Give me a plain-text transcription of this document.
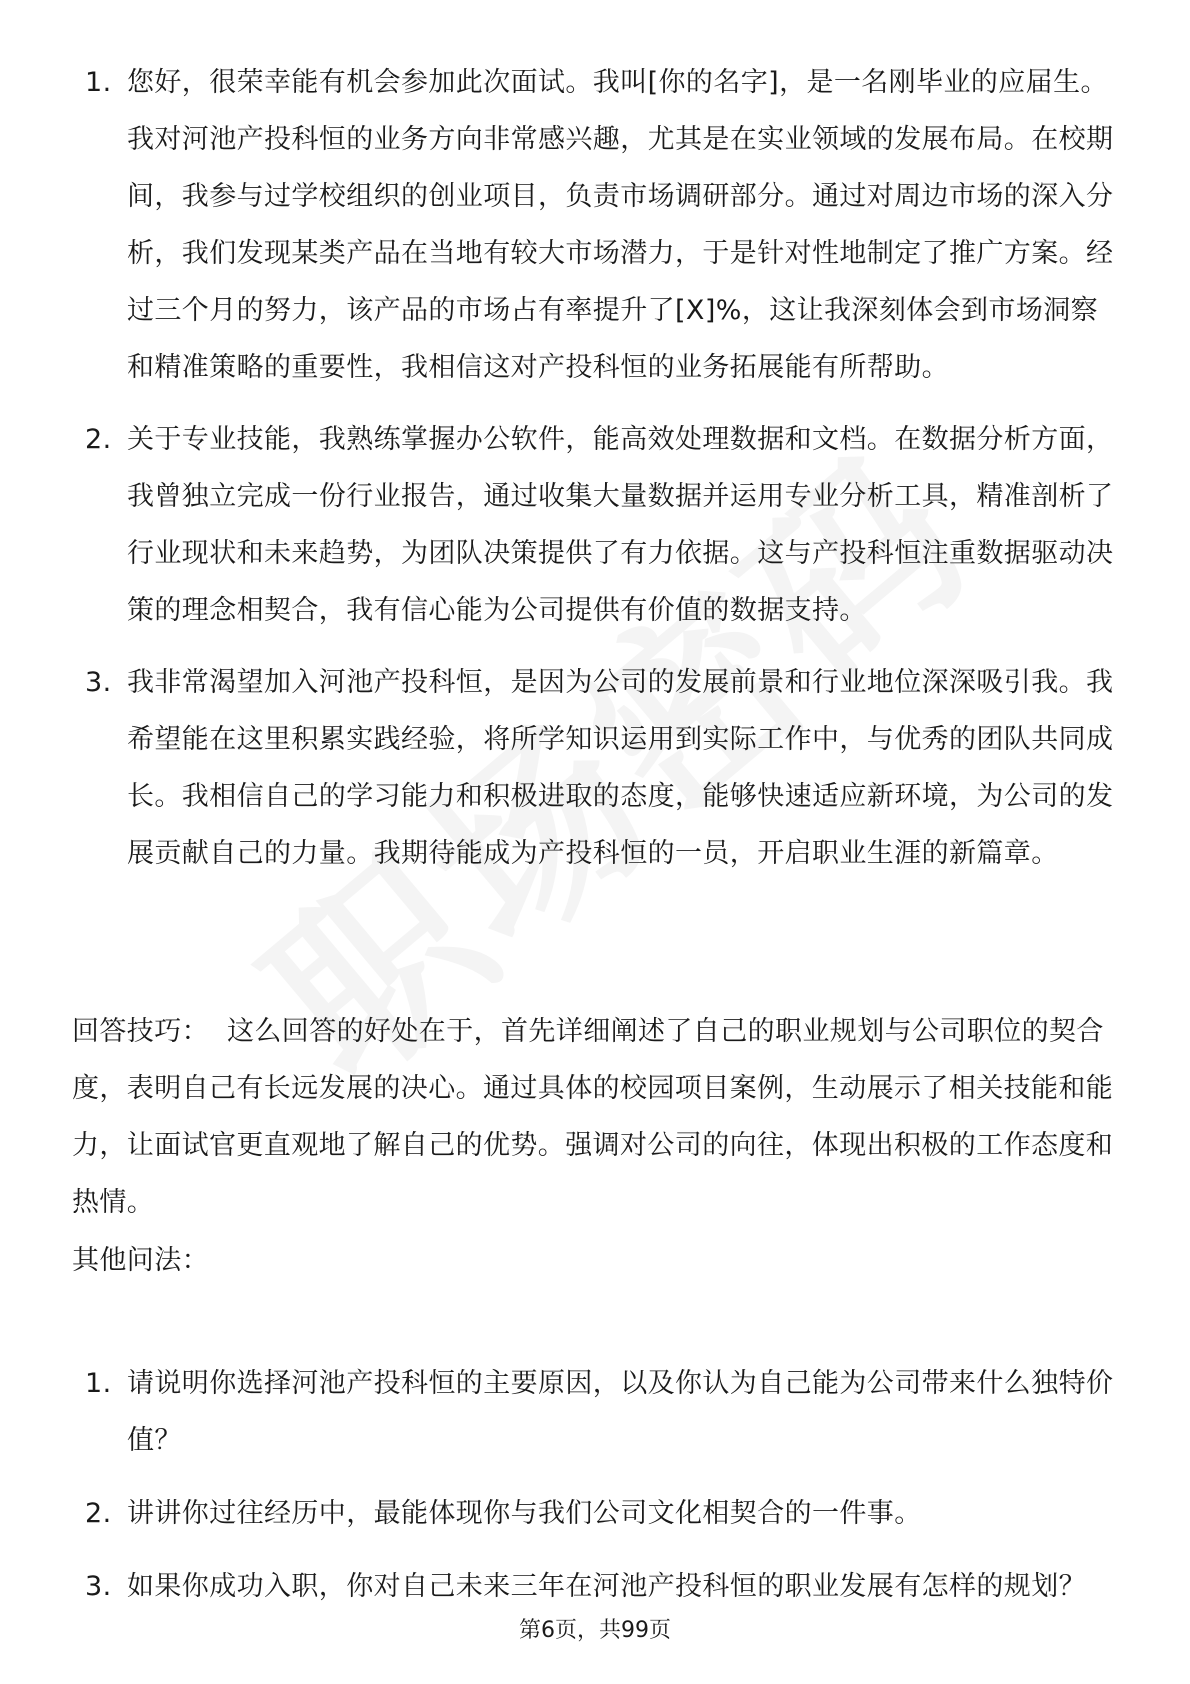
1. 您好，很荣幸能有机会参加此次面试。我叫[你的名字]，是一名刚毕业的应届生。我对河池产投科恒的业务方向非常感兴趣，尤其是在实业领域的发展布局。在校期间，我参与过学校组织的创业项目，负责市场调研部分。通过对周边市场的深入分析，我们发现某类产品在当地有较大市场潜力，于是针对性地制定了推广方案。经过三个月的努力，该产品的市场占有率提升了[X]%，这让我深刻体会到市场洞察和精准策略的重要性，我相信这对产投科恒的业务拓展能有所帮助。
2. 关于专业技能，我熟练掌握办公软件，能高效处理数据和文档。在数据分析方面，我曾独立完成一份行业报告，通过收集大量数据并运用专业分析工具，精准剖析了行业现状和未来趋势，为团队决策提供了有力依据。这与产投科恒注重数据驱动决策的理念相契合，我有信心能为公司提供有价值的数据支持。
3. 我非常渴望加入河池产投科恒，是因为公司的发展前景和行业地位深深吸引我。我希望能在这里积累实践经验，将所学知识运用到实际工作中，与优秀的团队共同成长。我相信自己的学习能力和积极进取的态度，能够快速适应新环境，为公司的发展贡献自己的力量。我期待能成为产投科恒的一员，开启职业生涯的新篇章。
回答技巧： 这么回答的好处在于，首先详细阐述了自己的职业规划与公司职位的契合度，表明自己有长远发展的决心。通过具体的校园项目案例，生动展示了相关技能和能力，让面试官更直观地了解自己的优势。强调对公司的向往，体现出积极的工作态度和热情。
其他问法：
1. 请说明你选择河池产投科恒的主要原因，以及你认为自己能为公司带来什么独特价值？
2. 讲讲你过往经历中，最能体现你与我们公司文化相契合的一件事。
3. 如果你成功入职，你对自己未来三年在河池产投科恒的职业发展有怎样的规划？
第6页，共99页
